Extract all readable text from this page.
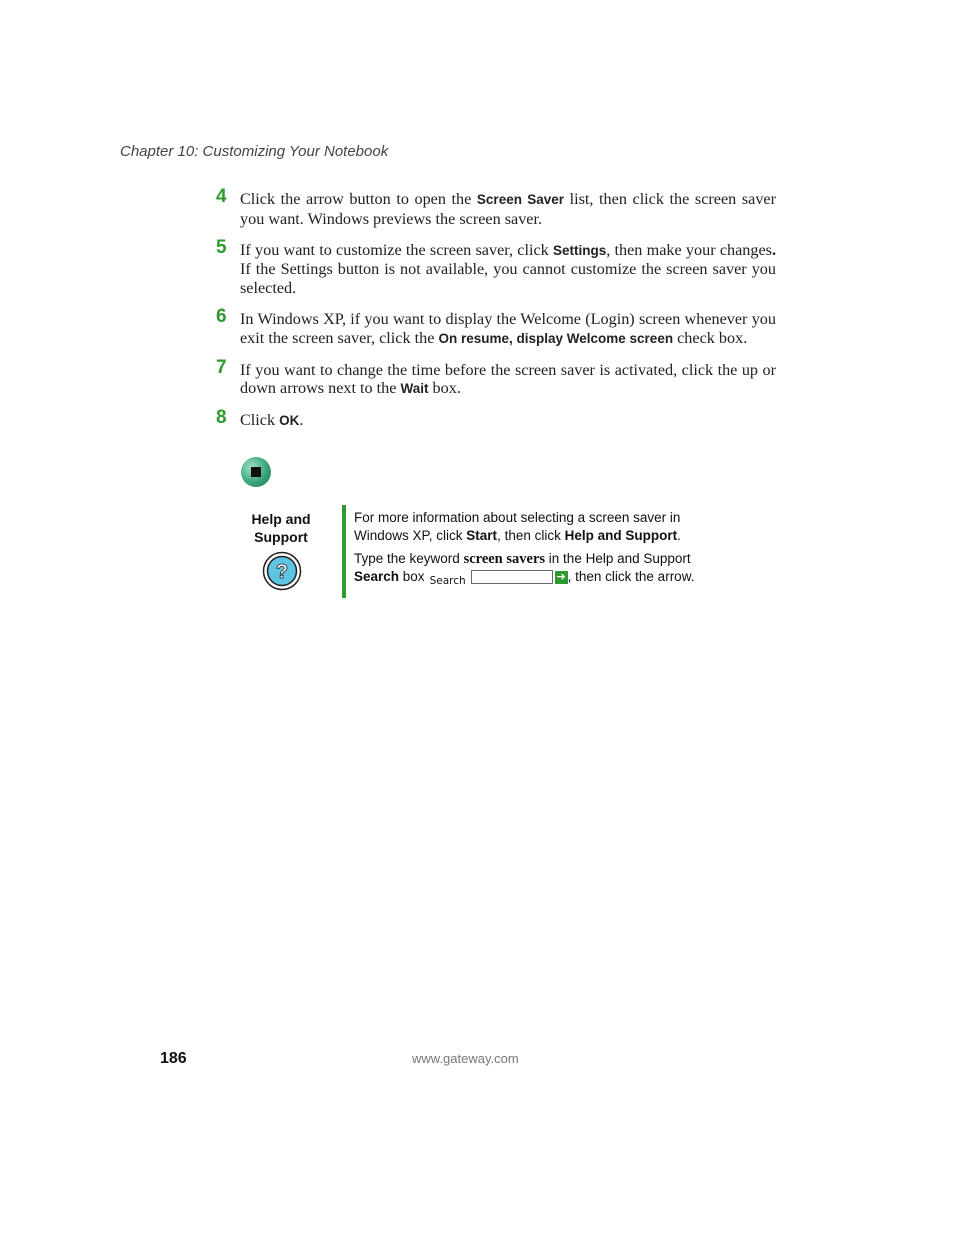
Chapter 10: Customizing Your Notebook
4 Click the arrow button to open the Screen Saver list, then click the screen saver you want. Windows previews the screen saver.
5 If you want to customize the screen saver, click Settings, then make your changes. If the Settings button is not available, you cannot customize the screen saver you selected.
6 In Windows XP, if you want to display the Welcome (Login) screen whenever you exit the screen saver, click the On resume, display Welcome screen check box.
7 If you want to change the time before the screen saver is activated, click the up or down arrows next to the Wait box.
8 Click OK.
Help and
Support
?

For more information about selecting a screen saver in Windows XP, click Start, then click Help and Support.

Type the keyword screen savers in the Help and Support Search box $_{Search}$	➔ , then click the arrow.

186	www.gateway.com
